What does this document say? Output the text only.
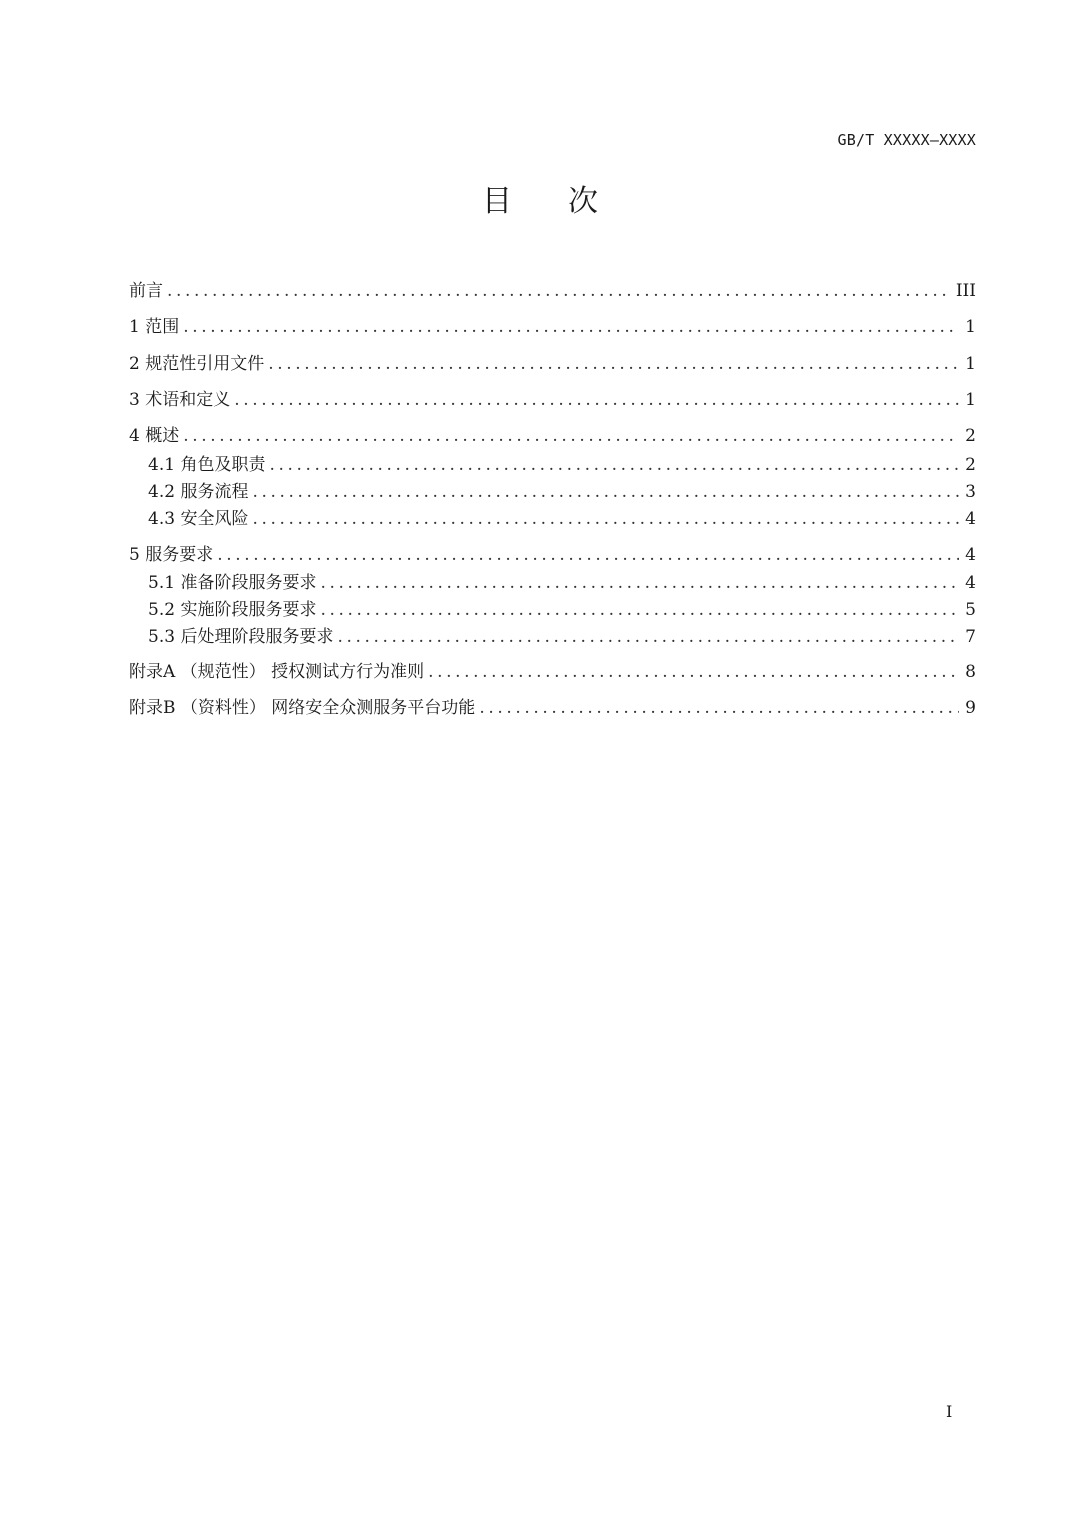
GB/T XXXXX—XXXX
目 次
前言 .....	III
1 范围 .....	1
2 规范性引用文件 .....	1
3 术语和定义 .....	1
4 概述 .....	2
4.1 角色及职责 .....	2
4.2 服务流程 .....	3
4.3 安全风险 .....	4
5 服务要求 .....	4
5.1 准备阶段服务要求 .....	4
5.2 实施阶段服务要求 .....	5
5.3 后处理阶段服务要求 .....	7
附录A （规范性） 授权测试方行为准则 .....	8
附录B （资料性） 网络安全众测服务平台功能 .....	9
I
